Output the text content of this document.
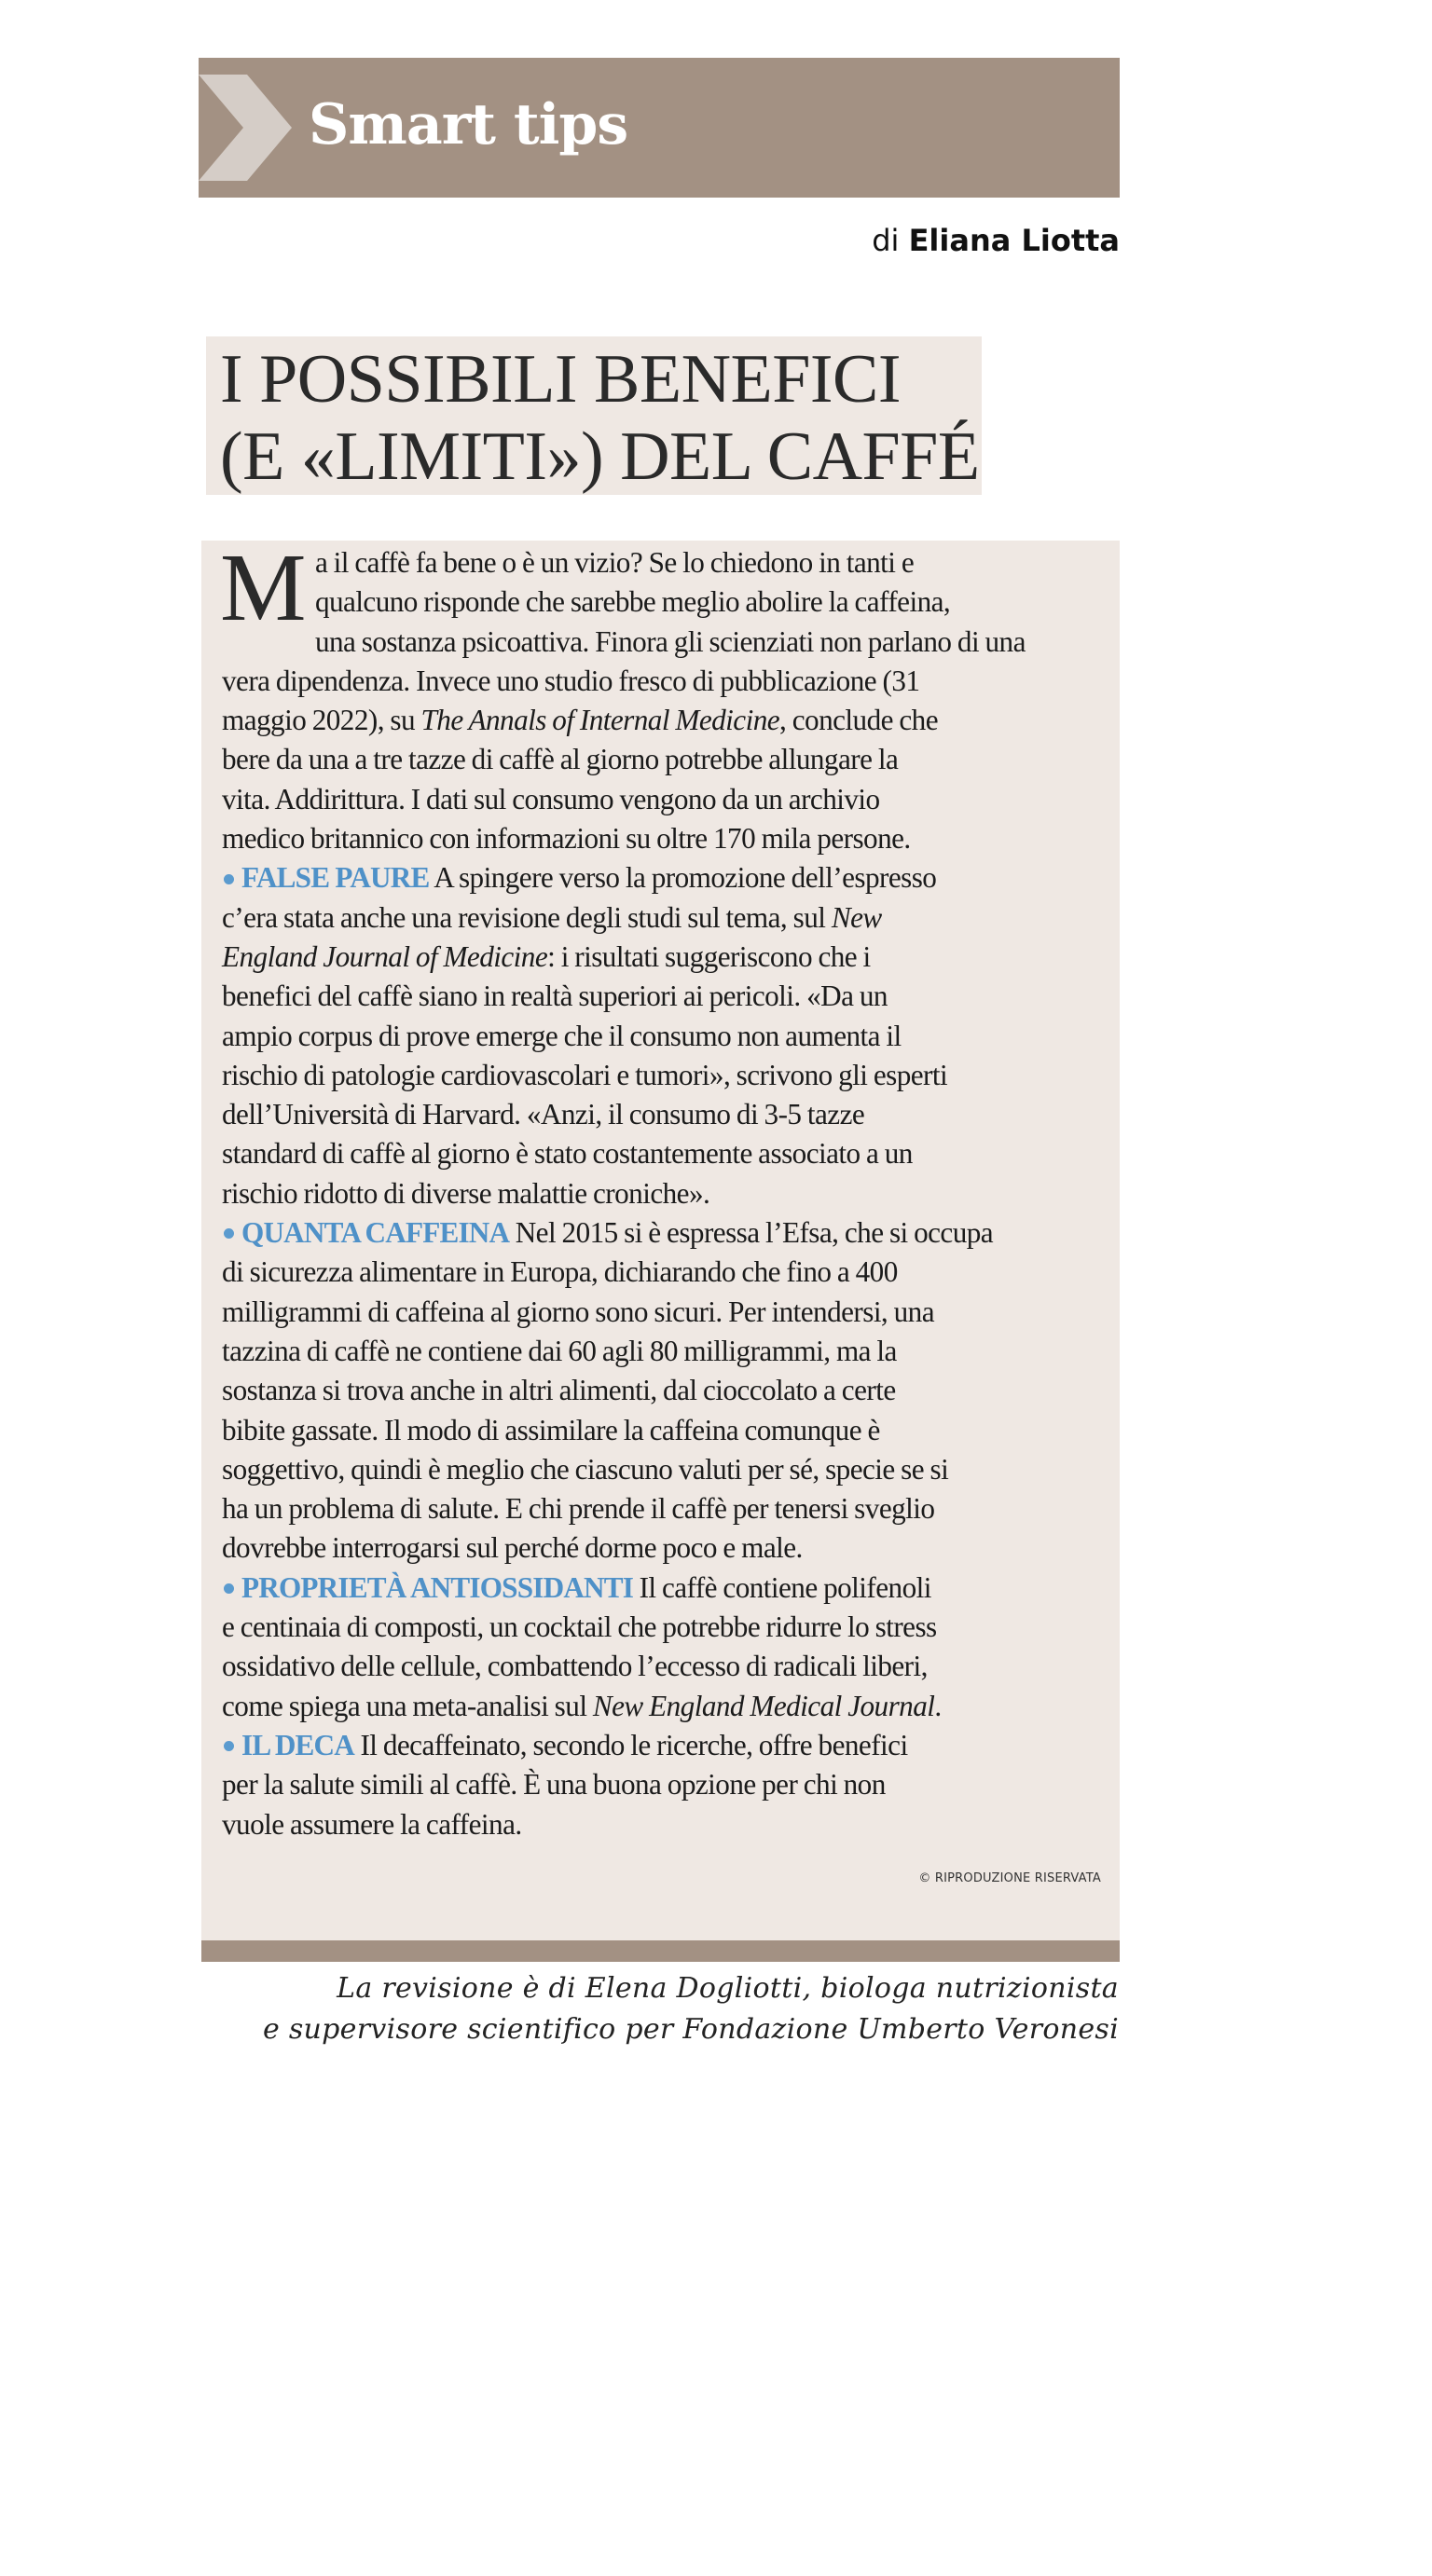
Smart tips
di Eliana Liotta
I POSSIBILI BENEFICI
(E «LIMITI») DEL CAFFÉ
M a il caffè fa bene o è un vizio? Se lo chiedono in tanti e
qualcuno risponde che sarebbe meglio abolire la caffeina,
una sostanza psicoattiva. Finora gli scienziati non parlano di una
vera dipendenza. Invece uno studio fresco di pubblicazione (31
maggio 2022), su The Annals of Internal Medicine, conclude che
bere da una a tre tazze di caffè al giorno potrebbe allungare la
vita. Addirittura. I dati sul consumo vengono da un archivio
medico britannico con informazioni su oltre 170 mila persone.
FALSE PAURE A spingere verso la promozione dell’espresso
c’era stata anche una revisione degli studi sul tema, sul New
England Journal of Medicine: i risultati suggeriscono che i
benefici del caffè siano in realtà superiori ai pericoli. «Da un
ampio corpus di prove emerge che il consumo non aumenta il
rischio di patologie cardiovascolari e tumori», scrivono gli esperti
dell’Università di Harvard. «Anzi, il consumo di 3-5 tazze
standard di caffè al giorno è stato costantemente associato a un
rischio ridotto di diverse malattie croniche».
QUANTA CAFFEINA Nel 2015 si è espressa l’Efsa, che si occupa
di sicurezza alimentare in Europa, dichiarando che fino a 400
milligrammi di caffeina al giorno sono sicuri. Per intendersi, una
tazzina di caffè ne contiene dai 60 agli 80 milligrammi, ma la
sostanza si trova anche in altri alimenti, dal cioccolato a certe
bibite gassate. Il modo di assimilare la caffeina comunque è
soggettivo, quindi è meglio che ciascuno valuti per sé, specie se si
ha un problema di salute. E chi prende il caffè per tenersi sveglio
dovrebbe interrogarsi sul perché dorme poco e male.
PROPRIETÀ ANTIOSSIDANTI Il caffè contiene polifenoli
e centinaia di composti, un cocktail che potrebbe ridurre lo stress
ossidativo delle cellule, combattendo l’eccesso di radicali liberi,
come spiega una meta-analisi sul New England Medical Journal.
IL DECA Il decaffeinato, secondo le ricerche, offre benefici
per la salute simili al caffè. È una buona opzione per chi non
vuole assumere la caffeina.
© RIPRODUZIONE RISERVATA
La revisione è di Elena Dogliotti, biologa nutrizionista
e supervisore scientifico per Fondazione Umberto Veronesi
